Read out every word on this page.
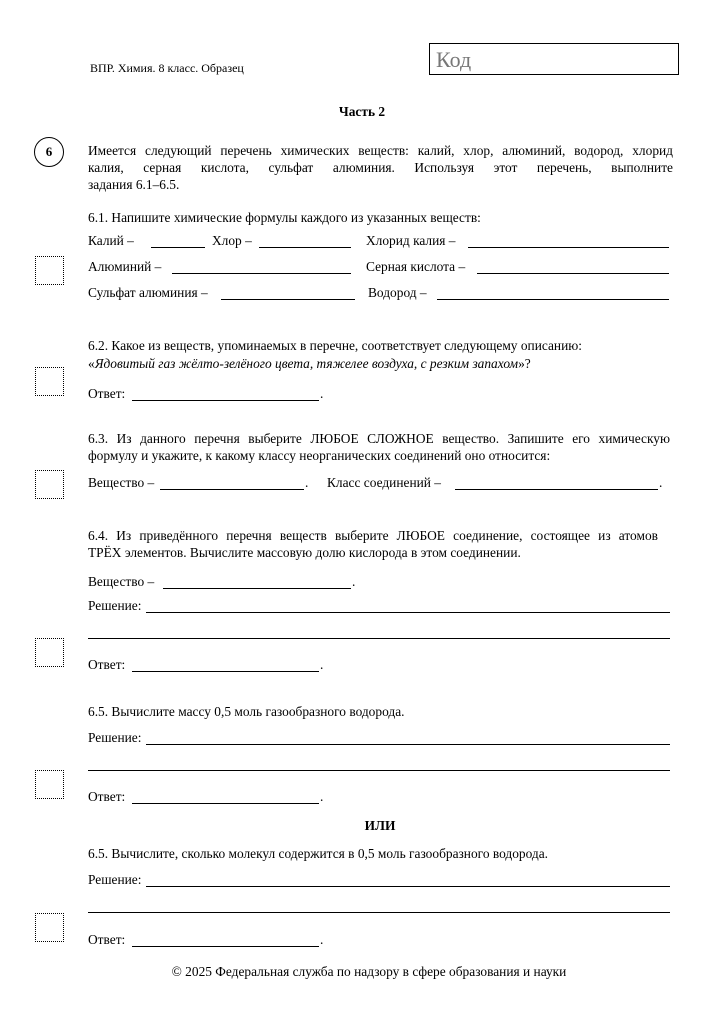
ВПР. Химия. 8 класс. Образец	Код
Часть 2
6	Имеется следующий перечень химических веществ: калий, хлор, алюминий, водород, хлорид
калия, серная кислота, сульфат алюминия. Используя этот перечень, выполните
задания 6.1–6.5.
6.1. Напишите химические формулы каждого из указанных веществ:
Калий –	Хлор –	Хлорид калия –
Алюминий –	Серная кислота –
Сульфат алюминия –	Водород –
6.2. Какое из веществ, упоминаемых в перечне, соответствует следующему описанию:
«Ядовитый газ жёлто-зелёного цвета, тяжелее воздуха, с резким запахом»?
Ответ:	.
6.3. Из данного перечня выберите ЛЮБОЕ СЛОЖНОЕ вещество. Запишите его химическую
формулу и укажите, к какому классу неорганических соединений оно относится:
Вещество –	. Класс соединений –	.
6.4. Из приведённого перечня веществ выберите ЛЮБОЕ соединение, состоящее из атомов
ТРЁХ элементов. Вычислите массовую долю кислорода в этом соединении.
Вещество –	.
Решение:
Ответ:	.
6.5. Вычислите массу 0,5 моль газообразного водорода.
Решение:
Ответ:	.
ИЛИ
6.5. Вычислите, сколько молекул содержится в 0,5 моль газообразного водорода.
Решение:
Ответ:	.
© 2025 Федеральная служба по надзору в сфере образования и науки
